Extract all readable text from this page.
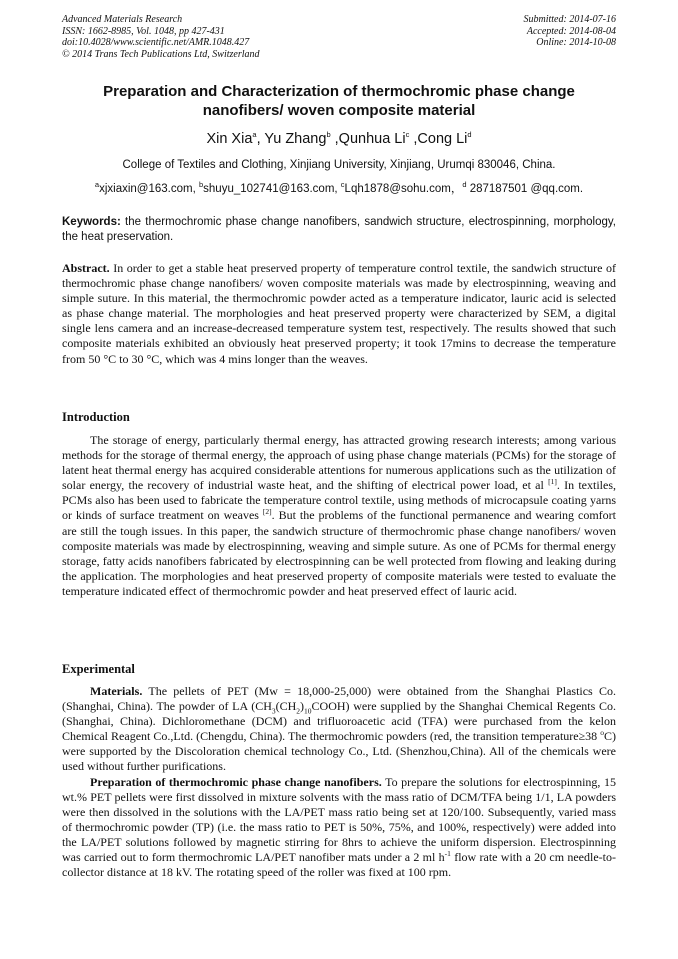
Advanced Materials Research
ISSN: 1662-8985, Vol. 1048, pp 427-431
doi:10.4028/www.scientific.net/AMR.1048.427
© 2014 Trans Tech Publications Ltd, Switzerland
Submitted: 2014-07-16
Accepted: 2014-08-04
Online: 2014-10-08
Preparation and Characterization of thermochromic phase change
nanofibers/ woven composite material
Xin Xia$^a$, Yu Zhang$^b$ ,Qunhua Li$^c$ ,Cong Li$^d$
College of Textiles and Clothing, Xinjiang University, Xinjiang, Urumqi 830046, China.
$^a$xjxiaxin@163.com, $^b$shuyu_102741@163.com, $^c$Lqh1878@sohu.com，$^d$ 287187501 @qq.com.
Keywords: the thermochromic phase change nanofibers, sandwich structure, electrospinning, morphology, the heat preservation.
Abstract. In order to get a stable heat preserved property of temperature control textile, the sandwich structure of thermochromic phase change nanofibers/ woven composite materials was made by electrospinning, weaving and simple suture. In this material, the thermochromic powder acted as a temperature indicator, lauric acid is selected as phase change material. The morphologies and heat preserved property were characterized by SEM, a digital single lens camera and an increase-decreased temperature system test, respectively. The results showed that such composite materials exhibited an obviously heat preserved property; it took 17mins to decrease the temperature from 50 °C to 30 °C, which was 4 mins longer than the weaves.
Introduction
The storage of energy, particularly thermal energy, has attracted growing research interests; among various methods for the storage of thermal energy, the approach of using phase change materials (PCMs) for the storage of latent heat thermal energy has acquired considerable attentions for numerous applications such as the utilization of solar energy, the recovery of industrial waste heat, and the shifting of electrical power load, et al [1]. In textiles, PCMs also has been used to fabricate the temperature control textile, using methods of microcapsule coating yarns or kinds of surface treatment on weaves [2]. But the problems of the functional permanence and wearing comfort are still the tough issues. In this paper, the sandwich structure of thermochromic phase change nanofibers/ woven composite materials was made by electrospinning, weaving and simple suture. As one of PCMs for thermal energy storage, fatty acids nanofibers fabricated by electrospinning can be well protected from flowing and leaking during the application. The morphologies and heat preserved property of composite materials were tested to evaluate the temperature indicated effect of thermochromic powder and heat preserved effect of lauric acid.
Experimental

Materials. The pellets of PET (Mw = 18,000-25,000) were obtained from the Shanghai Plastics Co. (Shanghai, China). The powder of LA $(CH_3(CH_2)_{10}COOH)$ were supplied by the Shanghai Chemical Regents Co.(Shanghai, China). Dichloromethane (DCM) and trifluoroacetic acid (TFA) were purchased from the kelon Chemical Reagent Co.,Ltd. (Chengdu, China). The thermochromic powders (red, the transition temperature≥38 $^o$C) were supported by the Discoloration chemical technology Co., Ltd. (Shenzhou,China). All of the chemicals were used without further purifications.

Preparation of thermochromic phase change nanofibers. To prepare the solutions for electrospinning, 15 wt.% PET pellets were first dissolved in mixture solvents with the mass ratio of DCM/TFA being 1/1, LA powders were then dissolved in the solutions with the LA/PET mass ratio being set at 120/100. Subsequently, varied mass of thermochromic powder (TP) (i.e. the mass ratio to PET is 50%, 75%, and 100%, respectively) were added into the LA/PET solutions followed by magnetic stirring for 8hrs to achieve the uniform dispersion. Electrospinning was carried out to form thermochromic LA/PET nanofiber mats under a 2 ml $h^{-1}$ flow rate with a 20 cm needle-to-collector distance at 18 kV. The rotating speed of the roller was fixed at 100 rpm.
